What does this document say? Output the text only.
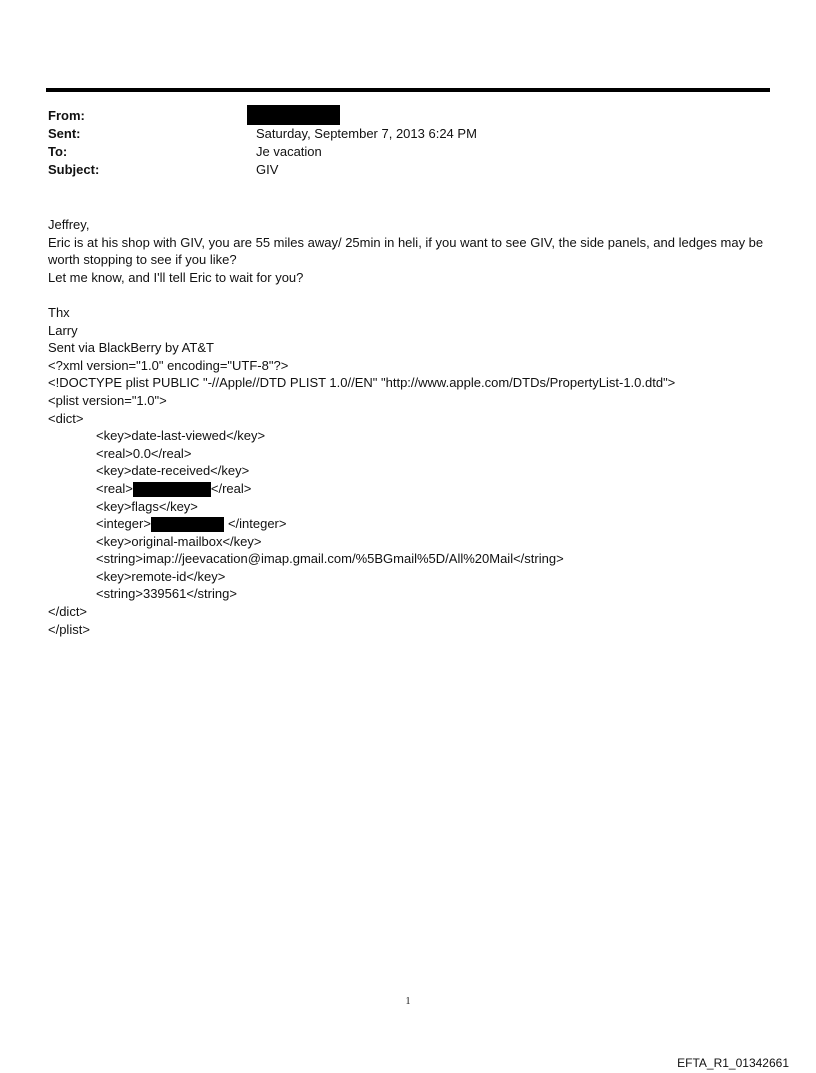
From:
Sent:	Saturday, September 7, 2013 6:24 PM
To:	Je vacation
Subject:	GIV
Jeffrey,
Eric is at his shop with GIV, you are 55 miles away/ 25min in heli, if you want to see GIV, the side panels, and ledges may be worth stopping to see if you like?
Let me know, and I'll tell Eric to wait for you?
Thx
Larry
Sent via BlackBerry by AT&T
<?xml version="1.0" encoding="UTF-8"?>
<!DOCTYPE plist PUBLIC "-//Apple//DTD PLIST 1.0//EN" "http://www.apple.com/DTDs/PropertyList-1.0.dtd">
<plist version="1.0">
<dict>
<key>date-last-viewed</key>
<real>0.0</real>
<key>date-received</key>
<real>	</real>
<key>flags</key>
<integer>	</integer>
<key>original-mailbox</key>
<string>imap://jeevacation@imap.gmail.com/%5BGmail%5D/All%20Mail</string>
<key>remote-id</key>
<string>339561</string>
</dict>
</plist>
1
EFTA_R1_01342661
